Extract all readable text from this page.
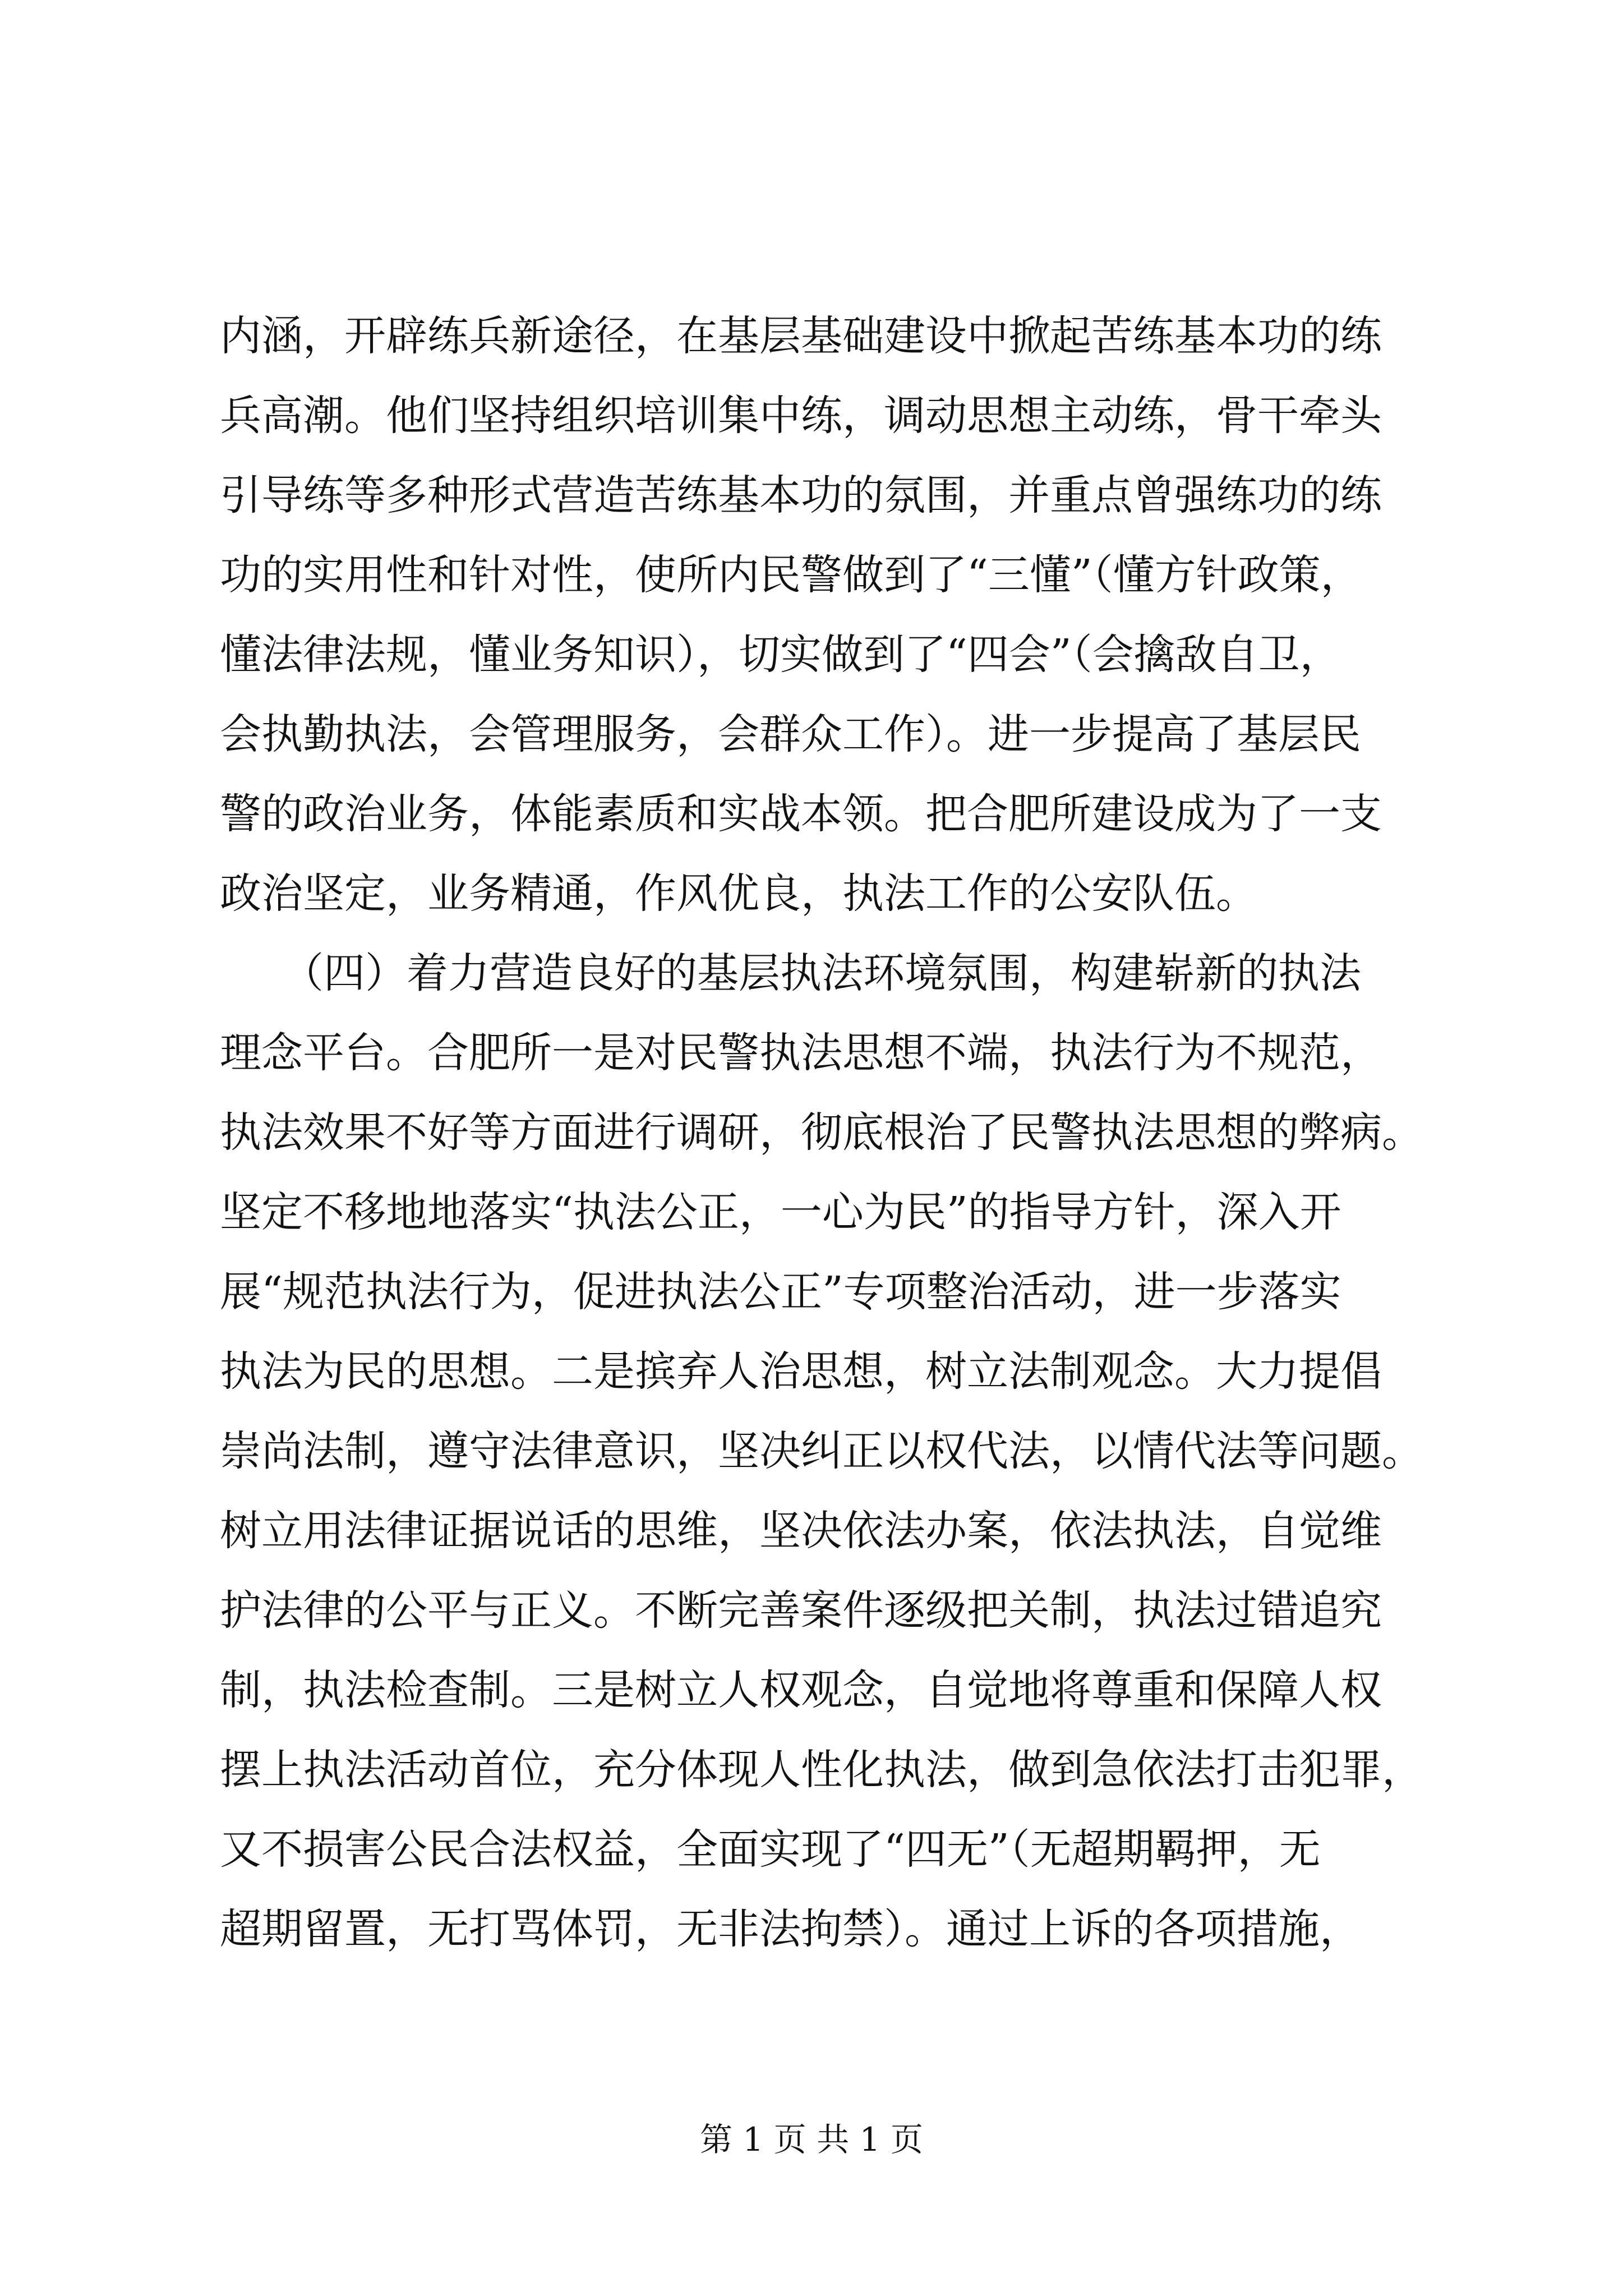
内涵，开辟练兵新途径，在基层基础建设中掀起苦练基本功的练
兵高潮。他们坚持组织培训集中练，调动思想主动练，骨干牵头
引导练等多种形式营造苦练基本功的氛围，并重点曾强练功的练
功的实用性和针对性，使所内民警做到了“三懂”（懂方针政策，
懂法律法规，懂业务知识），切实做到了“四会”（会擒敌自卫，
会执勤执法，会管理服务，会群众工作）。进一步提高了基层民
警的政治业务，体能素质和实战本领。把合肥所建设成为了一支
政治坚定，业务精通，作风优良，执法工作的公安队伍。
　　（四）着力营造良好的基层执法环境氛围，构建崭新的执法
理念平台。合肥所一是对民警执法思想不端，执法行为不规范，
执法效果不好等方面进行调研，彻底根治了民警执法思想的弊病。
坚定不移地地落实“执法公正，一心为民”的指导方针，深入开
展“规范执法行为，促进执法公正”专项整治活动，进一步落实
执法为民的思想。二是摈弃人治思想，树立法制观念。大力提倡
崇尚法制，遵守法律意识，坚决纠正以权代法，以情代法等问题。
树立用法律证据说话的思维，坚决依法办案，依法执法，自觉维
护法律的公平与正义。不断完善案件逐级把关制，执法过错追究
制，执法检查制。三是树立人权观念，自觉地将尊重和保障人权
摆上执法活动首位，充分体现人性化执法，做到急依法打击犯罪，
又不损害公民合法权益，全面实现了“四无”（无超期羁押，无
超期留置，无打骂体罚，无非法拘禁）。通过上诉的各项措施，
第 1 页 共 1 页
